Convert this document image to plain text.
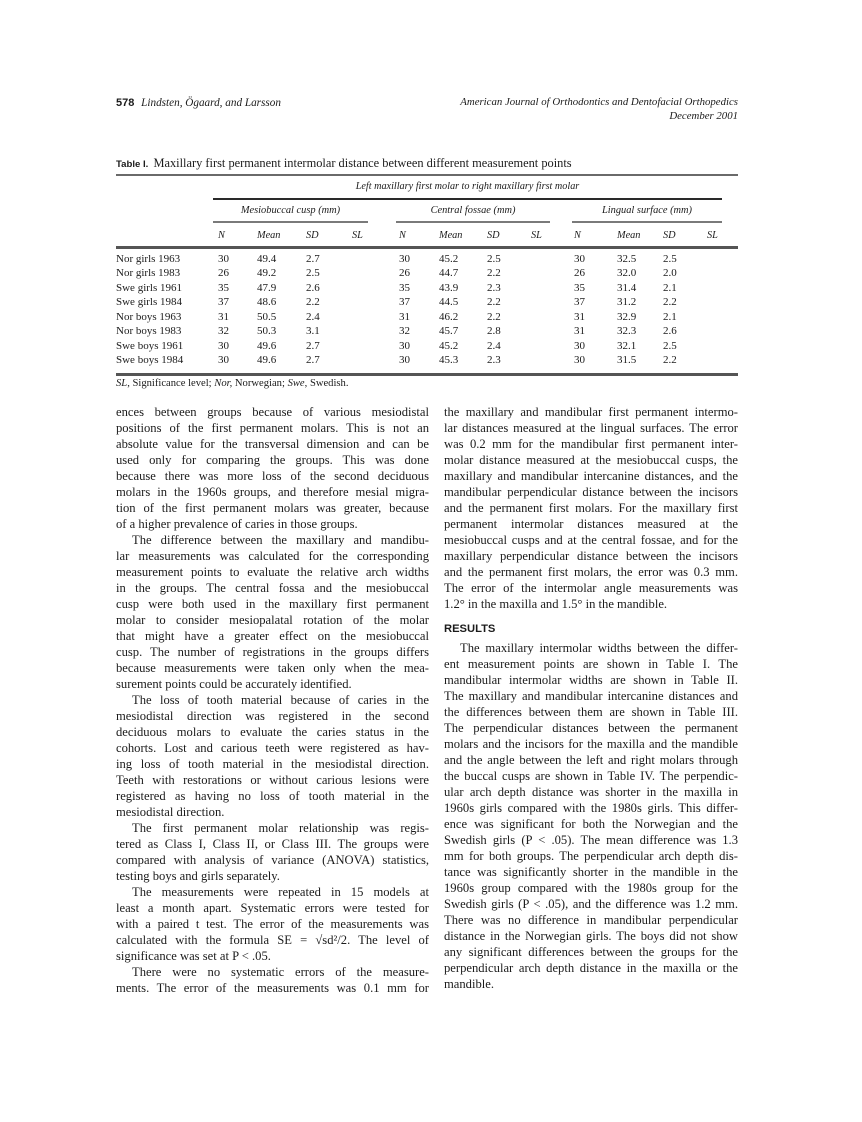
578 Lindsten, Ögaard, and Larsson	American Journal of Orthodontics and Dentofacial Orthopedics
December 2001
Table I. Maxillary first permanent intermolar distance between different measurement points
Left maxillary first molar to right maxillary first molar
Mesiobuccal cusp (mm)	Central fossae (mm)	Lingual surface (mm)
N	Mean SD	SL	N	Mean SD	SL	N	Mean SD	SL
Nor girls 1963	30	49.4	2.7	30	45.2	2.5	30	32.5 2.5
Nor girls 1983	26	49.2	2.5	26	44.7	2.2	26	32.0 2.0
Swe girls 1961	35	47.9	2.6	35	43.9	2.3	35	31.4 2.1
Swe girls 1984	37	48.6	2.2	37	44.5	2.2	37	31.2 2.2
Nor boys 1963	31	50.5	2.4	31	46.2	2.2	31	32.9 2.1
Nor boys 1983	32	50.3	3.1	32	45.7	2.8	31	32.3 2.6
Swe boys 1961	30	49.6	2.7	30	45.2	2.4	30	32.1 2.5
Swe boys 1984	30	49.6	2.7	30	45.3	2.3	30	31.5 2.2
SL, Significance level; Nor, Norwegian; Swe, Swedish.
ences between groups because of various mesiodistal
positions of the first permanent molars. This is not an
absolute value for the transversal dimension and can be
used only for comparing the groups. This was done
because there was more loss of the second deciduous
molars in the 1960s groups, and therefore mesial migra-
tion of the first permanent molars was greater, because
of a higher prevalence of caries in those groups.
The difference between the maxillary and mandibu-
lar measurements was calculated for the corresponding
measurement points to evaluate the relative arch widths
in the groups. The central fossa and the mesiobuccal
cusp were both used in the maxillary first permanent
molar to consider mesiopalatal rotation of the molar
that might have a greater effect on the mesiobuccal
cusp. The number of registrations in the groups differs
because measurements were taken only when the mea-
surement points could be accurately identified.
The loss of tooth material because of caries in the
mesiodistal direction was registered in the second
deciduous molars to evaluate the caries status in the
cohorts. Lost and carious teeth were registered as hav-
ing loss of tooth material in the mesiodistal direction.
Teeth with restorations or without carious lesions were
registered as having no loss of tooth material in the
mesiodistal direction.
The first permanent molar relationship was regis-
tered as Class I, Class II, or Class III. The groups were
compared with analysis of variance (ANOVA) statistics,
testing boys and girls separately.
The measurements were repeated in 15 models at
least a month apart. Systematic errors were tested for
with a paired t test. The error of the measurements was
calculated with the formula SE = √sd²/2. The level of
significance was set at P < .05.
There were no systematic errors of the measure-
ments. The error of the measurements was 0.1 mm for
the maxillary and mandibular first permanent intermo-
lar distances measured at the lingual surfaces. The error
was 0.2 mm for the mandibular first permanent inter-
molar distance measured at the mesiobuccal cusps, the
maxillary and mandibular intercanine distances, and the
mandibular perpendicular distance between the incisors
and the permanent first molars. For the maxillary first
permanent intermolar distances measured at the
mesiobuccal cusps and at the central fossae, and for the
maxillary perpendicular distance between the incisors
and the permanent first molars, the error was 0.3 mm.
The error of the intermolar angle measurements was
1.2° in the maxilla and 1.5° in the mandible.
RESULTS
The maxillary intermolar widths between the differ-
ent measurement points are shown in Table I. The
mandibular intermolar widths are shown in Table II.
The maxillary and mandibular intercanine distances and
the differences between them are shown in Table III.
The perpendicular distances between the permanent
molars and the incisors for the maxilla and the mandible
and the angle between the left and right molars through
the buccal cusps are shown in Table IV. The perpendic-
ular arch depth distance was shorter in the maxilla in
1960s girls compared with the 1980s girls. This differ-
ence was significant for both the Norwegian and the
Swedish girls (P < .05). The mean difference was 1.3
mm for both groups. The perpendicular arch depth dis-
tance was significantly shorter in the mandible in the
1960s group compared with the 1980s group for the
Swedish girls (P < .05), and the difference was 1.2 mm.
There was no difference in mandibular perpendicular
distance in the Norwegian girls. The boys did not show
any significant differences between the groups for the
perpendicular arch depth distance in the maxilla or the
mandible.
